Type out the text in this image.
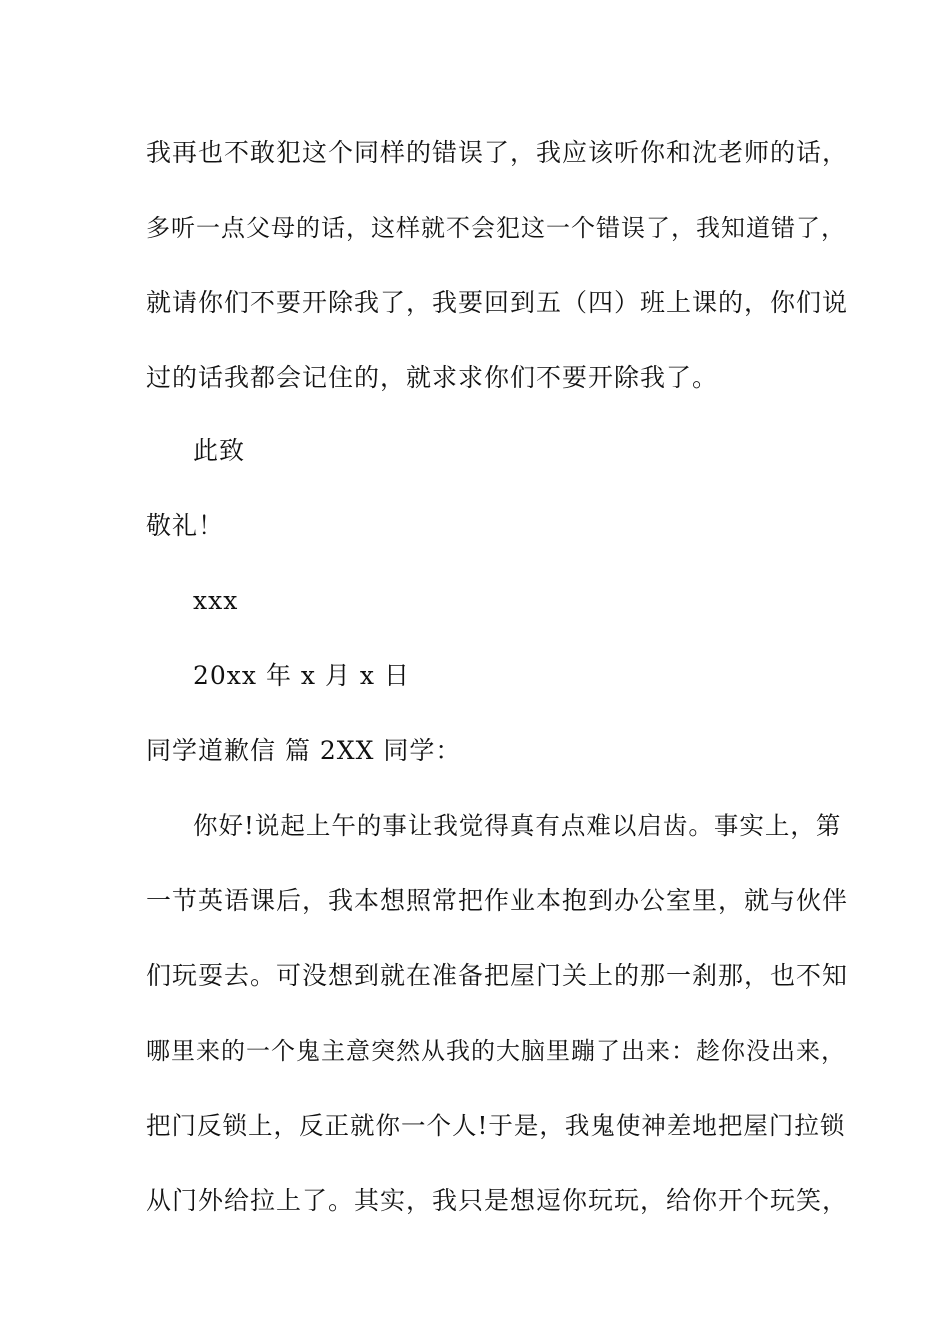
我再也不敢犯这个同样的错误了，我应该听你和沈老师的话，
多听一点父母的话，这样就不会犯这一个错误了，我知道错了，
就请你们不要开除我了，我要回到五（四）班上课的，你们说
过的话我都会记住的，就求求你们不要开除我了。
此致
敬礼！
xxx
20xx 年 x 月 x 日
同学道歉信 篇 2XX 同学：
你好!说起上午的事让我觉得真有点难以启齿。事实上，第
一节英语课后，我本想照常把作业本抱到办公室里，就与伙伴
们玩耍去。可没想到就在准备把屋门关上的那一刹那，也不知
哪里来的一个鬼主意突然从我的大脑里蹦了出来：趁你没出来，
把门反锁上，反正就你一个人!于是，我鬼使神差地把屋门拉锁
从门外给拉上了。其实，我只是想逗你玩玩，给你开个玩笑，
